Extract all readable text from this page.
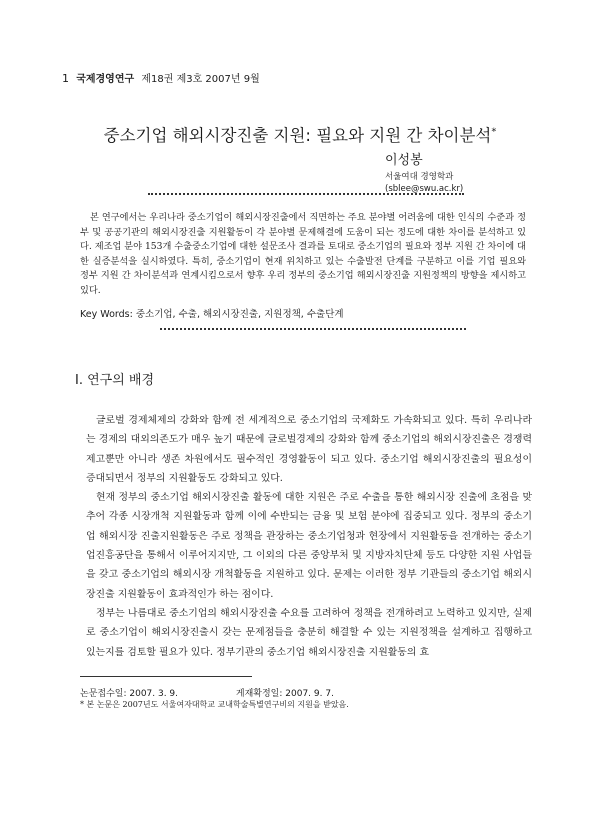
1 국제경영연구 제18권 제3호 2007년 9월
중소기업 해외시장진출 지원: 필요와 지원 간 차이분석*
이성봉
서울여대 경영학과
(sblee@swu.ac.kr)

본 연구에서는 우리나라 중소기업이 해외시장진출에서 직면하는 주요 분야별 어려움에 대한 인식의 수준과 정부 및 공공기관의 해외시장진출 지원활동이 각 분야별 문제해결에 도움이 되는 정도에 대한 차이를 분석하고 있다. 제조업 분야 153개 수출중소기업에 대한 설문조사 결과를 토대로 중소기업의 필요와 정부 지원 간 차이에 대한 실증분석을 실시하였다. 특히, 중소기업이 현재 위치하고 있는 수출발전 단계를 구분하고 이를 기업 필요와 정부 지원 간 차이분석과 연계시킴으로서 향후 우리 정부의 중소기업 해외시장진출 지원정책의 방향을 제시하고 있다.

Key Words: 중소기업, 수출, 해외시장진출, 지원정책, 수출단계
Ⅰ. 연구의 배경

글로벌 경제체제의 강화와 함께 전 세계적으로 중소기업의 국제화도 가속화되고 있다. 특히 우리나라는 경제의 대외의존도가 매우 높기 때문에 글로벌경제의 강화와 함께 중소기업의 해외시장진출은 경쟁력 제고뿐만 아니라 생존 차원에서도 필수적인 경영활동이 되고 있다. 중소기업 해외시장진출의 필요성이 증대되면서 정부의 지원활동도 강화되고 있다.

현재 정부의 중소기업 해외시장진출 활동에 대한 지원은 주로 수출을 통한 해외시장 진출에 초점을 맞추어 각종 시장개척 지원활동과 함께 이에 수반되는 금융 및 보험 분야에 집중되고 있다. 정부의 중소기업 해외시장 진출지원활동은 주로 정책을 관장하는 중소기업청과 현장에서 지원활동을 전개하는 중소기업진흥공단을 통해서 이루어지지만, 그 이외의 다른 중앙부처 및 지방자치단체 등도 다양한 지원 사업들을 갖고 중소기업의 해외시장 개척활동을 지원하고 있다. 문제는 이러한 정부 기관들의 중소기업 해외시장진출 지원활동이 효과적인가 하는 점이다.

정부는 나름대로 중소기업의 해외시장진출 수요를 고려하여 정책을 전개하려고 노력하고 있지만, 실제로 중소기업이 해외시장진출시 갖는 문제점들을 충분히 해결할 수 있는 지원정책을 설계하고 집행하고 있는지를 검토할 필요가 있다. 정부기관의 중소기업 해외시장진출 지원활동의 효

논문접수일: 2007. 3. 9.	게재확정일: 2007. 9. 7.
* 본 논문은 2007년도 서울여자대학교 교내학술특별연구비의 지원을 받았음.
